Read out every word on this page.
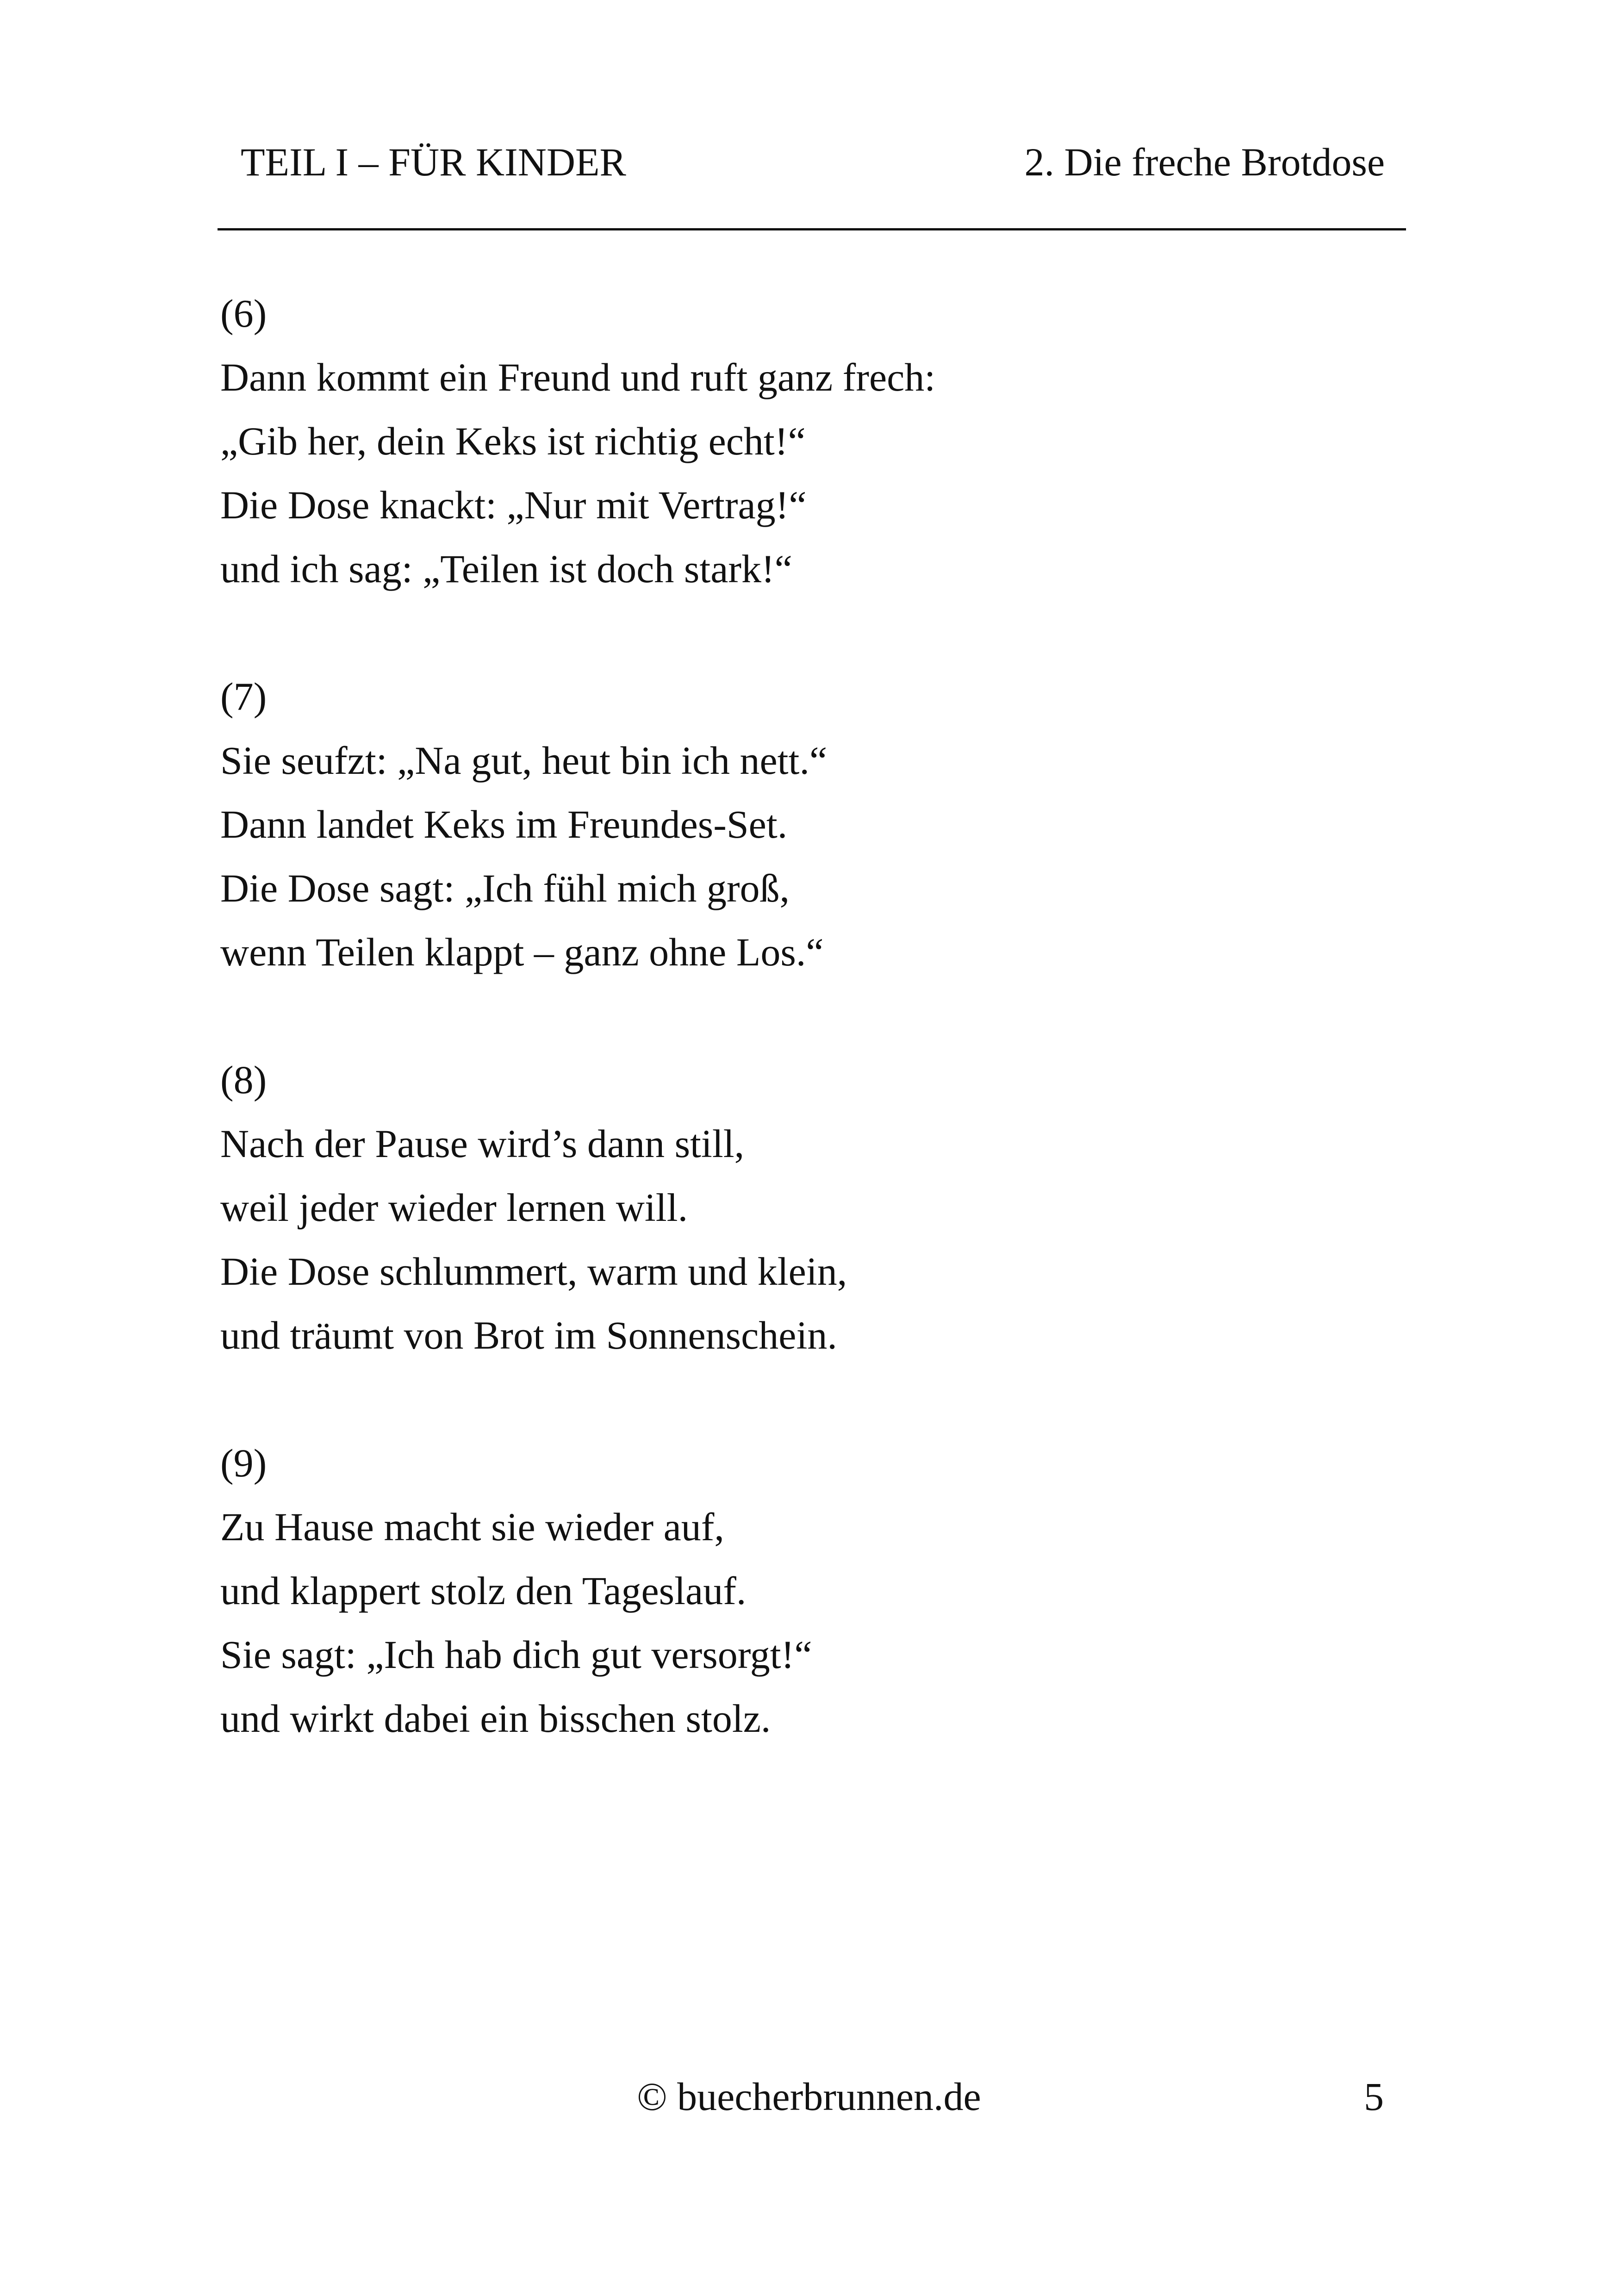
TEIL I – FÜR KINDER	2. Die freche Brotdose
(6)
Dann kommt ein Freund und ruft ganz frech:
„Gib her, dein Keks ist richtig echt!“
Die Dose knackt: „Nur mit Vertrag!“
und ich sag: „Teilen ist doch stark!“
(7)
Sie seufzt: „Na gut, heut bin ich nett.“
Dann landet Keks im Freundes-Set.
Die Dose sagt: „Ich fühl mich groß,
wenn Teilen klappt – ganz ohne Los.“
(8)
Nach der Pause wird’s dann still,
weil jeder wieder lernen will.
Die Dose schlummert, warm und klein,
und träumt von Brot im Sonnenschein.
(9)
Zu Hause macht sie wieder auf,
und klappert stolz den Tageslauf.
Sie sagt: „Ich hab dich gut versorgt!“
und wirkt dabei ein bisschen stolz.
© buecherbrunnen.de	5
